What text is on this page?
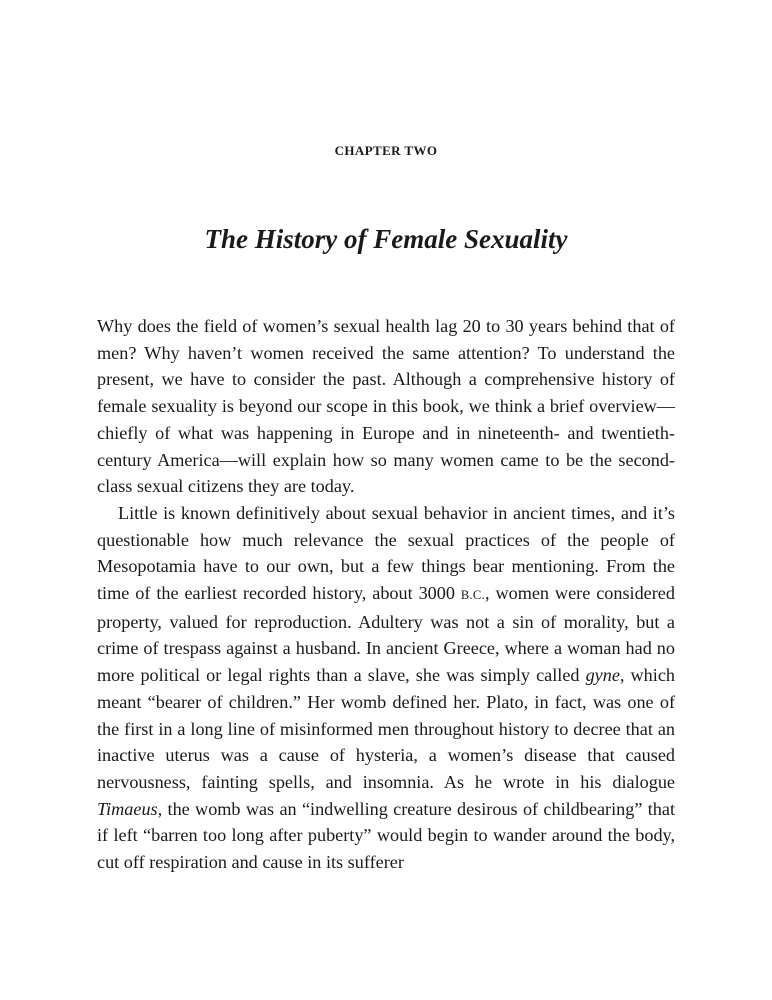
CHAPTER TWO
The History of Female Sexuality

Why does the field of women’s sexual health lag 20 to 30 years behind that of men? Why haven’t women received the same attention? To understand the present, we have to consider the past. Although a comprehensive history of female sexuality is beyond our scope in this book, we think a brief overview—chiefly of what was happening in Europe and in nineteenth- and twentieth-century America—will explain how so many women came to be the second-class sexual citizens they are today.

Little is known definitively about sexual behavior in ancient times, and it’s questionable how much relevance the sexual practices of the people of Mesopotamia have to our own, but a few things bear mentioning. From the time of the earliest recorded history, about 3000 B.C., women were considered property, valued for reproduction. Adultery was not a sin of morality, but a crime of trespass against a husband. In ancient Greece, where a woman had no more political or legal rights than a slave, she was simply called gyne, which meant “bearer of children.” Her womb defined her. Plato, in fact, was one of the first in a long line of misinformed men throughout history to decree that an inactive uterus was a cause of hysteria, a women’s disease that caused nervousness, fainting spells, and insomnia. As he wrote in his dialogue Timaeus, the womb was an “indwelling creature desirous of childbearing” that if left “barren too long after puberty” would begin to wander around the body, cut off respiration and cause in its sufferer
